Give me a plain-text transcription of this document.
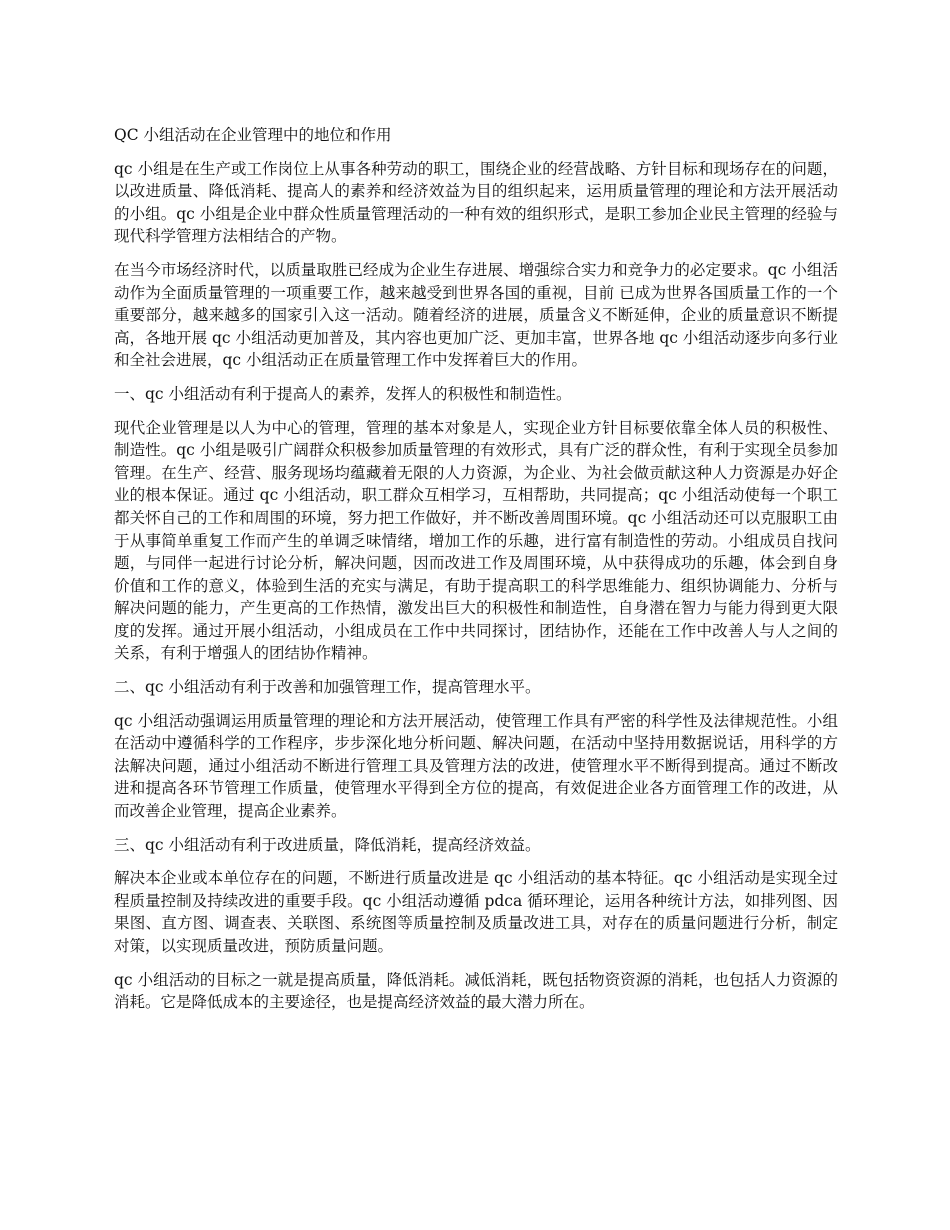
QC 小组活动在企业管理中的地位和作用
qc 小组是在生产或工作岗位上从事各种劳动的职工，围绕企业的经营战略、方针目标和现场存在的问题，以改进质量、降低消耗、提高人的素养和经济效益为目的组织起来，运用质量管理的理论和方法开展活动的小组。qc 小组是企业中群众性质量管理活动的一种有效的组织形式，是职工参加企业民主管理的经验与现代科学管理方法相结合的产物。
在当今市场经济时代，以质量取胜已经成为企业生存进展、增强综合实力和竞争力的必定要求。qc 小组活动作为全面质量管理的一项重要工作，越来越受到世界各国的重视，目前 已成为世界各国质量工作的一个重要部分，越来越多的国家引入这一活动。随着经济的进展，质量含义不断延伸，企业的质量意识不断提高，各地开展 qc 小组活动更加普及，其内容也更加广泛、更加丰富，世界各地 qc 小组活动逐步向多行业和全社会进展，qc 小组活动正在质量管理工作中发挥着巨大的作用。
一、qc 小组活动有利于提高人的素养，发挥人的积极性和制造性。
现代企业管理是以人为中心的管理，管理的基本对象是人，实现企业方针目标要依靠全体人员的积极性、制造性。qc 小组是吸引广阔群众积极参加质量管理的有效形式，具有广泛的群众性，有利于实现全员参加管理。在生产、经营、服务现场均蕴藏着无限的人力资源，为企业、为社会做贡献这种人力资源是办好企业的根本保证。通过 qc 小组活动，职工群众互相学习，互相帮助，共同提高；qc 小组活动使每一个职工都关怀自己的工作和周围的环境，努力把工作做好，并不断改善周围环境。qc 小组活动还可以克服职工由于从事简单重复工作而产生的单调乏味情绪，增加工作的乐趣，进行富有制造性的劳动。小组成员自找问题，与同伴一起进行讨论分析，解决问题，因而改进工作及周围环境，从中获得成功的乐趣，体会到自身价值和工作的意义，体验到生活的充实与满足，有助于提高职工的科学思维能力、组织协调能力、分析与解决问题的能力，产生更高的工作热情，激发出巨大的积极性和制造性，自身潜在智力与能力得到更大限度的发挥。通过开展小组活动，小组成员在工作中共同探讨，团结协作，还能在工作中改善人与人之间的关系，有利于增强人的团结协作精神。
二、qc 小组活动有利于改善和加强管理工作，提高管理水平。
qc 小组活动强调运用质量管理的理论和方法开展活动，使管理工作具有严密的科学性及法律规范性。小组在活动中遵循科学的工作程序，步步深化地分析问题、解决问题，在活动中坚持用数据说话，用科学的方法解决问题，通过小组活动不断进行管理工具及管理方法的改进，使管理水平不断得到提高。通过不断改进和提高各环节管理工作质量，使管理水平得到全方位的提高，有效促进企业各方面管理工作的改进，从而改善企业管理，提高企业素养。
三、qc 小组活动有利于改进质量，降低消耗，提高经济效益。
解决本企业或本单位存在的问题，不断进行质量改进是 qc 小组活动的基本特征。qc 小组活动是实现全过程质量控制及持续改进的重要手段。qc 小组活动遵循 pdca 循环理论，运用各种统计方法，如排列图、因果图、直方图、调查表、关联图、系统图等质量控制及质量改进工具，对存在的质量问题进行分析，制定对策，以实现质量改进，预防质量问题。
qc 小组活动的目标之一就是提高质量，降低消耗。减低消耗，既包括物资资源的消耗，也包括人力资源的消耗。它是降低成本的主要途径，也是提高经济效益的最大潜力所在。
